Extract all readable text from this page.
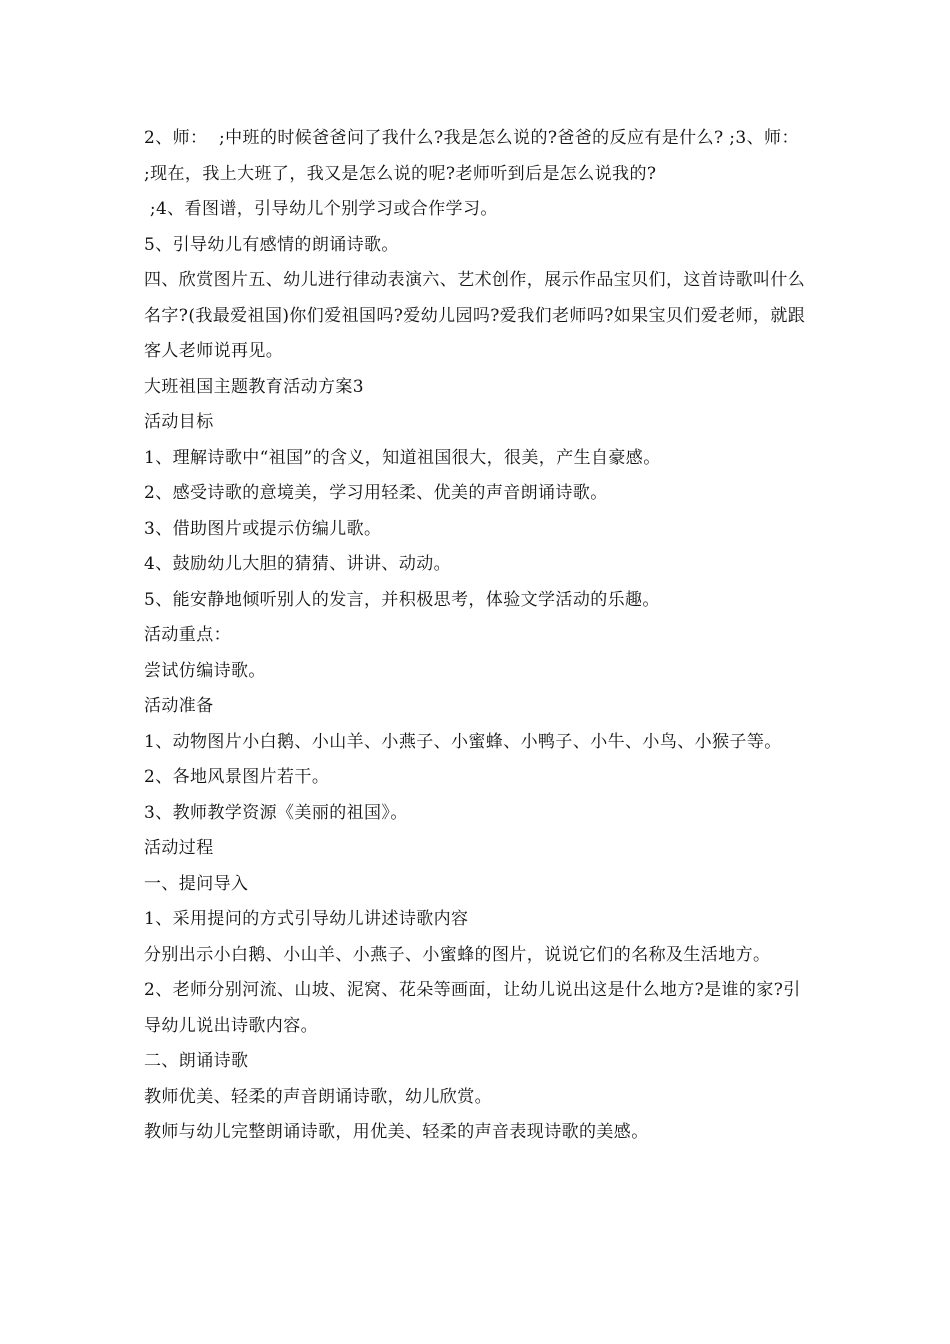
2、师：  ;中班的时候爸爸问了我什么?我是怎么说的?爸爸的反应有是什么? ;3、师：  ;现在，我上大班了，我又是怎么说的呢?老师听到后是怎么说我的?

;4、看图谱，引导幼儿个别学习或合作学习。

5、引导幼儿有感情的朗诵诗歌。

四、欣赏图片五、幼儿进行律动表演六、艺术创作，展示作品宝贝们，这首诗歌叫什么名字?(我最爱祖国)你们爱祖国吗?爱幼儿园吗?爱我们老师吗?如果宝贝们爱老师，就跟客人老师说再见。

大班祖国主题教育活动方案3

活动目标

1、理解诗歌中“祖国”的含义，知道祖国很大，很美，产生自豪感。

2、感受诗歌的意境美，学习用轻柔、优美的声音朗诵诗歌。

3、借助图片或提示仿编儿歌。

4、鼓励幼儿大胆的猜猜、讲讲、动动。

5、能安静地倾听别人的发言，并积极思考，体验文学活动的乐趣。

活动重点：

尝试仿编诗歌。

活动准备

1、动物图片小白鹅、小山羊、小燕子、小蜜蜂、小鸭子、小牛、小鸟、小猴子等。

2、各地风景图片若干。

3、教师教学资源《美丽的祖国》。

活动过程

一、提问导入

1、采用提问的方式引导幼儿讲述诗歌内容

分别出示小白鹅、小山羊、小燕子、小蜜蜂的图片，说说它们的名称及生活地方。

2、老师分别河流、山坡、泥窝、花朵等画面，让幼儿说出这是什么地方?是谁的家?引导幼儿说出诗歌内容。

二、朗诵诗歌

教师优美、轻柔的声音朗诵诗歌，幼儿欣赏。

教师与幼儿完整朗诵诗歌，用优美、轻柔的声音表现诗歌的美感。
